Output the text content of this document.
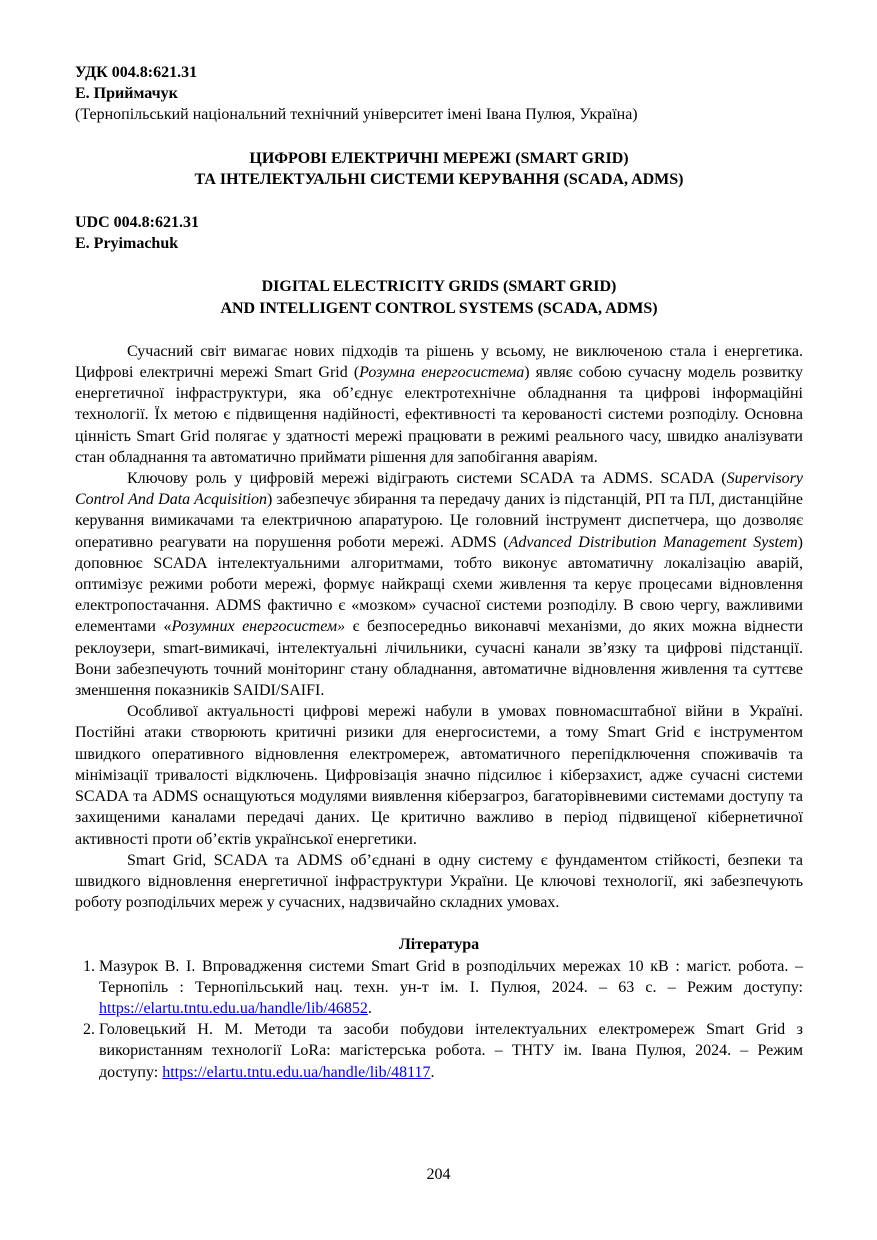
УДК 004.8:621.31
Е. Приймачук
(Тернопільський національний технічний університет імені Івана Пулюя, Україна)
ЦИФРОВІ ЕЛЕКТРИЧНІ МЕРЕЖІ (SMART GRID)
ТА ІНТЕЛЕКТУАЛЬНІ СИСТЕМИ КЕРУВАННЯ (SCADA, ADMS)
UDC 004.8:621.31
E. Pryimachuk
DIGITAL ELECTRICITY GRIDS (SMART GRID)
AND INTELLIGENT CONTROL SYSTEMS (SCADA, ADMS)

Сучасний світ вимагає нових підходів та рішень у всьому, не виключеною стала і енергетика. Цифрові електричні мережі Smart Grid (Розумна енергосистема) являє собою сучасну модель розвитку енергетичної інфраструктури, яка об’єднує електротехнічне обладнання та цифрові інформаційні технології. Їх метою є підвищення надійності, ефективності та керованості системи розподілу. Основна цінність Smart Grid полягає у здатності мережі працювати в режимі реального часу, швидко аналізувати стан обладнання та автоматично приймати рішення для запобігання аваріям.

Ключову роль у цифровій мережі відіграють системи SCADA та ADMS. SCADA (Supervisory Control And Data Acquisition) забезпечує збирання та передачу даних із підстанцій, РП та ПЛ, дистанційне керування вимикачами та електричною апаратурою. Це головний інструмент диспетчера, що дозволяє оперативно реагувати на порушення роботи мережі. ADMS (Advanced Distribution Management System) доповнює SCADA інтелектуальними алгоритмами, тобто виконує автоматичну локалізацію аварій, оптимізує режими роботи мережі, формує найкращі схеми живлення та керує процесами відновлення електропостачання. ADMS фактично є «мозком» сучасної системи розподілу. В свою чергу, важливими елементами «Розумних енергосистем» є безпосередньо виконавчі механізми, до яких можна віднести реклоузери, smart-вимикачі, інтелектуальні лічильники, сучасні канали зв’язку та цифрові підстанції. Вони забезпечують точний моніторинг стану обладнання, автоматичне відновлення живлення та суттєве зменшення показників SAIDI/SAIFI.

Особливої актуальності цифрові мережі набули в умовах повномасштабної війни в Україні. Постійні атаки створюють критичні ризики для енергосистеми, а тому Smart Grid є інструментом швидкого оперативного відновлення електромереж, автоматичного перепідключення споживачів та мінімізації тривалості відключень. Цифровізація значно підсилює і кіберзахист, адже сучасні системи SCADA та ADMS оснащуються модулями виявлення кіберзагроз, багаторівневими системами доступу та захищеними каналами передачі даних. Це критично важливо в період підвищеної кібернетичної активності проти об’єктів української енергетики.

Smart Grid, SCADA та ADMS об’єднані в одну систему є фундаментом стійкості, безпеки та швидкого відновлення енергетичної інфраструктури України. Це ключові технології, які забезпечують роботу розподільчих мереж у сучасних, надзвичайно складних умовах.

Література
1. Мазурок В. І. Впровадження системи Smart Grid в розподільчих мережах 10 кВ : магіст. робота. – Тернопіль : Тернопільський нац. техн. ун-т ім. І. Пулюя, 2024. – 63 с. – Режим доступу: https://elartu.tntu.edu.ua/handle/lib/46852.
2. Головецький Н. М. Методи та засоби побудови інтелектуальних електромереж Smart Grid з використанням технології LoRa: магістерська робота. – ТНТУ ім. Івана Пулюя, 2024. – Режим доступу: https://elartu.tntu.edu.ua/handle/lib/48117.
204
